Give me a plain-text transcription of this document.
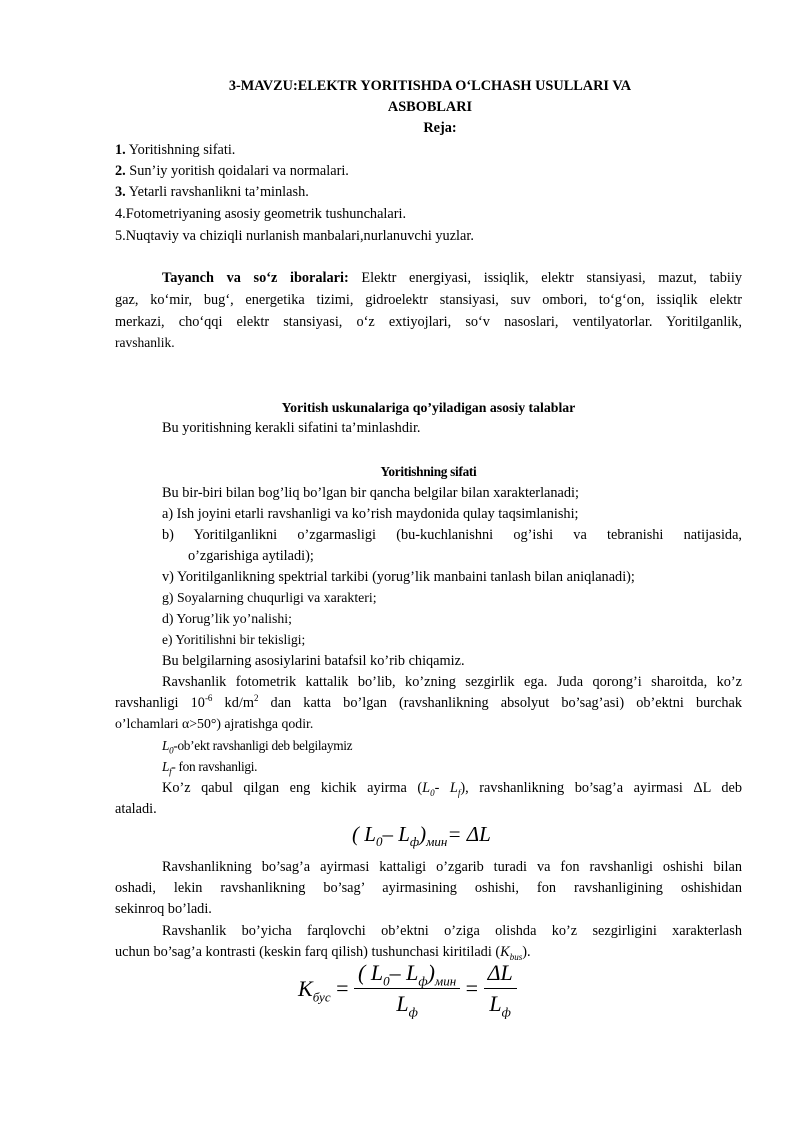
3-MAVZU:ELEKTR YORITISHDA O‘LCHASH USULLARI VA
ASBOBLARI
Reja:
1. Yoritishning sifati.
2. Sun’iy yoritish qoidalari va normalari.
3. Yetarli ravshanlikni ta’minlash.
4.Fotometriyaning asosiy geometrik tushunchalari.
5.Nuqtaviy va chiziqli nurlanish manbalari,nurlanuvchi yuzlar.
Tayanch va so‘z iboralari: Elektr energiyasi, issiqlik, elektr stansiyasi, mazut, tabiiy
gaz, ko‘mir, bug‘, energetika tizimi, gidroelektr stansiyasi, suv ombori, to‘g‘on, issiqlik elektr
merkazi, cho‘qqi elektr stansiyasi, o‘z extiyojlari, so‘v nasoslari, ventilyatorlar. Yoritilganlik,
ravshanlik.
Yoritish uskunalariga qo’yiladigan asosiy talablar
Bu yoritishning kerakli sifatini ta’minlashdir.
Yoritishning sifati
Bu bir-biri bilan bog’liq bo’lgan bir qancha belgilar bilan xarakterlanadi;
a) Ish joyini etarli ravshanligi va ko’rish maydonida qulay taqsimlanishi;
b) Yoritilganlikni o’zgarmasligi (bu-kuchlanishni og’ishi va tebranishi natijasida,
o’zgarishiga aytiladi);
v) Yoritilganlikning spektrial tarkibi (yorug’lik manbaini tanlash bilan aniqlanadi);
g) Soyalarning chuqurligi va xarakteri;
d) Yorug’lik yo’nalishi;
e) Yoritilishni bir tekisligi;
Bu belgilarning asosiylarini batafsil ko’rib chiqamiz.
Ravshanlik fotometrik kattalik bo’lib, ko’zning sezgirlik ega. Juda qorong’i sharoitda, ko’z
ravshanligi $10^{-6}$ $kd/m^2$ dan katta bo’lgan (ravshanlikning absolyut bo’sag’asi) ob’ektni burchak
o’lchamlari α>50°) ajratishga qodir.
$L_0-ob’ekt$ ravshanligi deb belgilaymiz
$L_f-$ fon ravshanligi.
Ko’z qabul qilgan eng kichik ayirma ($L_0-$ $L_f$), ravshanlikning bo’sag’a ayirmasi ΔL deb
ataladi.
( $L_0-$ $L_ф)_{мин}= \Delta L$
Ravshanlikning bo’sag’a ayirmasi kattaligi o’zgarib turadi va fon ravshanligi oshishi bilan
oshadi, lekin ravshanlikning bo’sag’ ayirmasining oshishi, fon ravshanligining oshishidan
sekinroq bo’ladi.
Ravshanlik bo’yicha farqlovchi ob’ektni o’ziga olishda ko’z sezgirligini xarakterlash
uchun bo’sag’a kontrasti (keskin farq qilish) tushunchasi kiritiladi $(K_{bus})$.
$K_{бус} = \frac{( L_0- L_ф)_{мин}}{L_ф} = \frac{\Delta L}{L_ф}$
